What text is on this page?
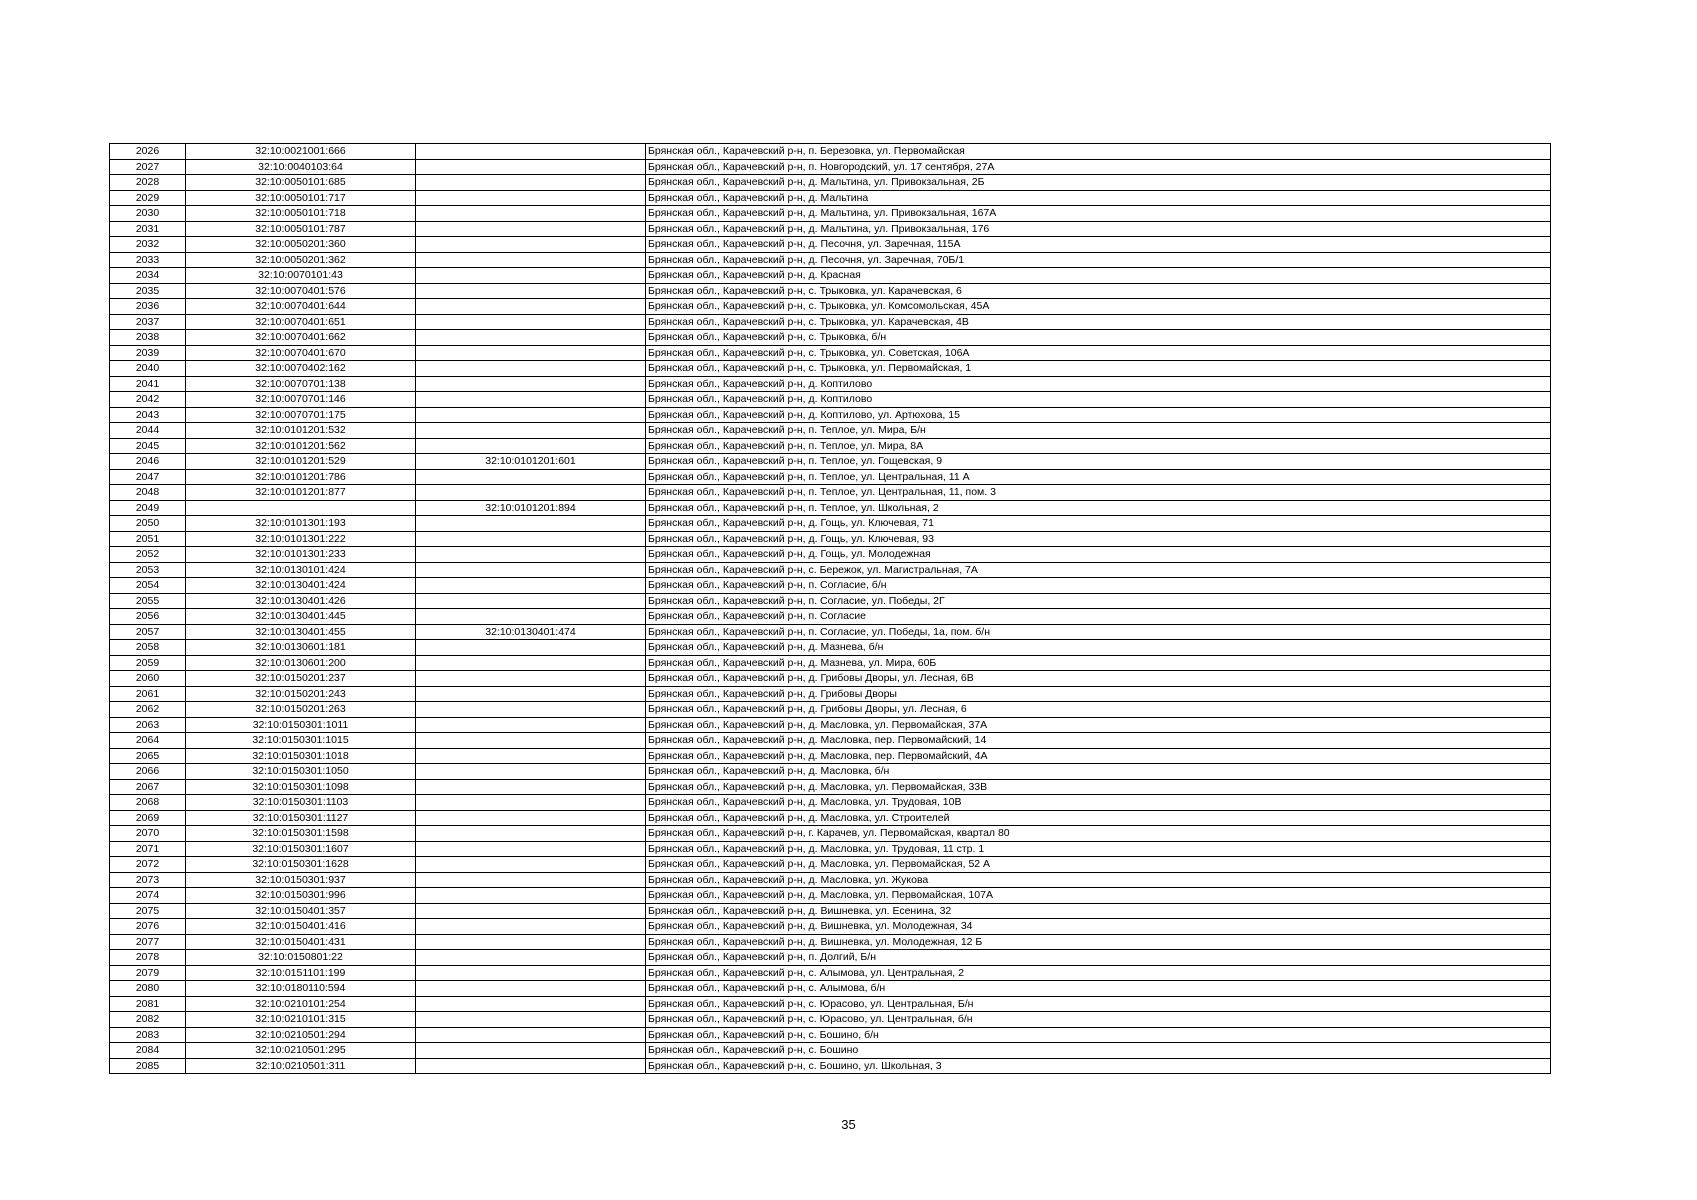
2026	32:10:0021001:666		Брянская обл., Карачевский р-н, п. Березовка, ул. Первомайская
2027	32:10:0040103:64		Брянская обл., Карачевский р-н, п. Новгородский, ул. 17 сентября, 27А
2028	32:10:0050101:685		Брянская обл., Карачевский р-н, д. Мальтина, ул. Привокзальная, 2Б
2029	32:10:0050101:717		Брянская обл., Карачевский р-н, д. Мальтина
2030	32:10:0050101:718		Брянская обл., Карачевский р-н, д. Мальтина, ул. Привокзальная, 167А
2031	32:10:0050101:787		Брянская обл., Карачевский р-н, д. Мальтина, ул. Привокзальная, 176
2032	32:10:0050201:360		Брянская обл., Карачевский р-н, д. Песочня, ул. Заречная, 115А
2033	32:10:0050201:362		Брянская обл., Карачевский р-н, д. Песочня, ул. Заречная, 70Б/1
2034	32:10:0070101:43		Брянская обл., Карачевский р-н, д. Красная
2035	32:10:0070401:576		Брянская обл., Карачевский р-н, с. Трыковка, ул. Карачевская, 6
2036	32:10:0070401:644		Брянская обл., Карачевский р-н, с. Трыковка, ул. Комсомольская, 45А
2037	32:10:0070401:651		Брянская обл., Карачевский р-н, с. Трыковка, ул. Карачевская, 4В
2038	32:10:0070401:662		Брянская обл., Карачевский р-н, с. Трыковка, б/н
2039	32:10:0070401:670		Брянская обл., Карачевский р-н, с. Трыковка, ул. Советская, 106А
2040	32:10:0070402:162		Брянская обл., Карачевский р-н, с. Трыковка, ул. Первомайская, 1
2041	32:10:0070701:138		Брянская обл., Карачевский р-н, д. Коптилово
2042	32:10:0070701:146		Брянская обл., Карачевский р-н, д. Коптилово
2043	32:10:0070701:175		Брянская обл., Карачевский р-н, д. Коптилово, ул. Артюхова, 15
2044	32:10:0101201:532		Брянская обл., Карачевский р-н, п. Теплое, ул. Мира, Б/н
2045	32:10:0101201:562		Брянская обл., Карачевский р-н, п. Теплое, ул. Мира, 8А
2046	32:10:0101201:529	32:10:0101201:601	Брянская обл., Карачевский р-н, п. Теплое, ул. Гощевская, 9
2047	32:10:0101201:786		Брянская обл., Карачевский р-н, п. Теплое, ул. Центральная, 11 А
2048	32:10:0101201:877		Брянская обл., Карачевский р-н, п. Теплое, ул. Центральная, 11, пом. 3
2049		32:10:0101201:894	Брянская обл., Карачевский р-н, п. Теплое, ул. Школьная, 2
2050	32:10:0101301:193		Брянская обл., Карачевский р-н, д. Гощь, ул. Ключевая, 71
2051	32:10:0101301:222		Брянская обл., Карачевский р-н, д. Гощь, ул. Ключевая, 93
2052	32:10:0101301:233		Брянская обл., Карачевский р-н, д. Гощь, ул. Молодежная
2053	32:10:0130101:424		Брянская обл., Карачевский р-н, с. Бережок, ул. Магистральная, 7А
2054	32:10:0130401:424		Брянская обл., Карачевский р-н, п. Согласие, б/н
2055	32:10:0130401:426		Брянская обл., Карачевский р-н, п. Согласие, ул. Победы, 2Г
2056	32:10:0130401:445		Брянская обл., Карачевский р-н, п. Согласие
2057	32:10:0130401:455	32:10:0130401:474	Брянская обл., Карачевский р-н, п. Согласие, ул. Победы, 1а, пом. б/н
2058	32:10:0130601:181		Брянская обл., Карачевский р-н, д. Мазнева, б/н
2059	32:10:0130601:200		Брянская обл., Карачевский р-н, д. Мазнева, ул. Мира, 60Б
2060	32:10:0150201:237		Брянская обл., Карачевский р-н, д. Грибовы Дворы, ул. Лесная, 6В
2061	32:10:0150201:243		Брянская обл., Карачевский р-н, д. Грибовы Дворы
2062	32:10:0150201:263		Брянская обл., Карачевский р-н, д. Грибовы Дворы, ул. Лесная, 6
2063	32:10:0150301:1011		Брянская обл., Карачевский р-н, д. Масловка, ул. Первомайская, 37А
2064	32:10:0150301:1015		Брянская обл., Карачевский р-н, д. Масловка, пер. Первомайский, 14
2065	32:10:0150301:1018		Брянская обл., Карачевский р-н, д. Масловка, пер. Первомайский, 4А
2066	32:10:0150301:1050		Брянская обл., Карачевский р-н, д. Масловка, б/н
2067	32:10:0150301:1098		Брянская обл., Карачевский р-н, д. Масловка, ул. Первомайская, 33В
2068	32:10:0150301:1103		Брянская обл., Карачевский р-н, д. Масловка, ул. Трудовая, 10В
2069	32:10:0150301:1127		Брянская обл., Карачевский р-н, д. Масловка, ул. Строителей
2070	32:10:0150301:1598		Брянская обл., Карачевский р-н, г. Карачев, ул. Первомайская, квартал 80
2071	32:10:0150301:1607		Брянская обл., Карачевский р-н, д. Масловка, ул. Трудовая, 11 стр. 1
2072	32:10:0150301:1628		Брянская обл., Карачевский р-н, д. Масловка, ул. Первомайская, 52 А
2073	32:10:0150301:937		Брянская обл., Карачевский р-н, д. Масловка, ул. Жукова
2074	32:10:0150301:996		Брянская обл., Карачевский р-н, д. Масловка, ул. Первомайская, 107А
2075	32:10:0150401:357		Брянская обл., Карачевский р-н, д. Вишневка, ул. Есенина, 32
2076	32:10:0150401:416		Брянская обл., Карачевский р-н, д. Вишневка, ул. Молодежная, 34
2077	32:10:0150401:431		Брянская обл., Карачевский р-н, д. Вишневка, ул. Молодежная, 12 Б
2078	32:10:0150801:22		Брянская обл., Карачевский р-н, п. Долгий, Б/н
2079	32:10:0151101:199		Брянская обл., Карачевский р-н, с. Алымова, ул. Центральная, 2
2080	32:10:0180110:594		Брянская обл., Карачевский р-н, с. Алымова, б/н
2081	32:10:0210101:254		Брянская обл., Карачевский р-н, с. Юрасово, ул. Центральная, Б/н
2082	32:10:0210101:315		Брянская обл., Карачевский р-н, с. Юрасово, ул. Центральная, б/н
2083	32:10:0210501:294		Брянская обл., Карачевский р-н, с. Бошино, б/н
2084	32:10:0210501:295		Брянская обл., Карачевский р-н, с. Бошино
2085	32:10:0210501:311		Брянская обл., Карачевский р-н, с. Бошино, ул. Школьная, 3
35
